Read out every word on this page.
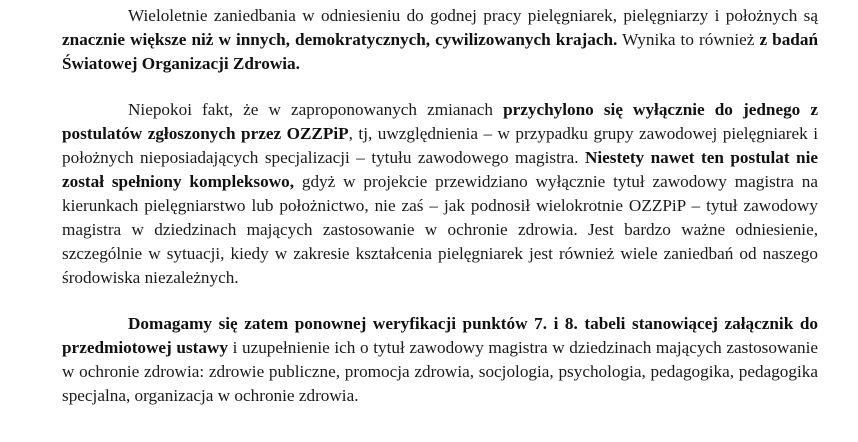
Wieloletnie zaniedbania w odniesieniu do godnej pracy pielęgniarek, pielęgniarzy i położnych są znacznie większe niż w innych, demokratycznych, cywilizowanych krajach. Wynika to również z badań Światowej Organizacji Zdrowia.

Niepokoi fakt, że w zaproponowanych zmianach przychylono się wyłącznie do jednego z postulatów zgłoszonych przez OZZPiP, tj, uwzględnienia – w przypadku grupy zawodowej pielęgniarek i położnych nieposiadających specjalizacji – tytułu zawodowego magistra. Niestety nawet ten postulat nie został spełniony kompleksowo, gdyż w projekcie przewidziano wyłącznie tytuł zawodowy magistra na kierunkach pielęgniarstwo lub położnictwo, nie zaś – jak podnosił wielokrotnie OZZPiP – tytuł zawodowy magistra w dziedzinach mających zastosowanie w ochronie zdrowia. Jest bardzo ważne odniesienie, szczególnie w sytuacji, kiedy w zakresie kształcenia pielęgniarek jest również wiele zaniedbań od naszego środowiska niezależnych.

Domagamy się zatem ponownej weryfikacji punktów 7. i 8. tabeli stanowiącej załącznik do przedmiotowej ustawy i uzupełnienie ich o tytuł zawodowy magistra w dziedzinach mających zastosowanie w ochronie zdrowia: zdrowie publiczne, promocja zdrowia, socjologia, psychologia, pedagogika, pedagogika specjalna, organizacja w ochronie zdrowia.
